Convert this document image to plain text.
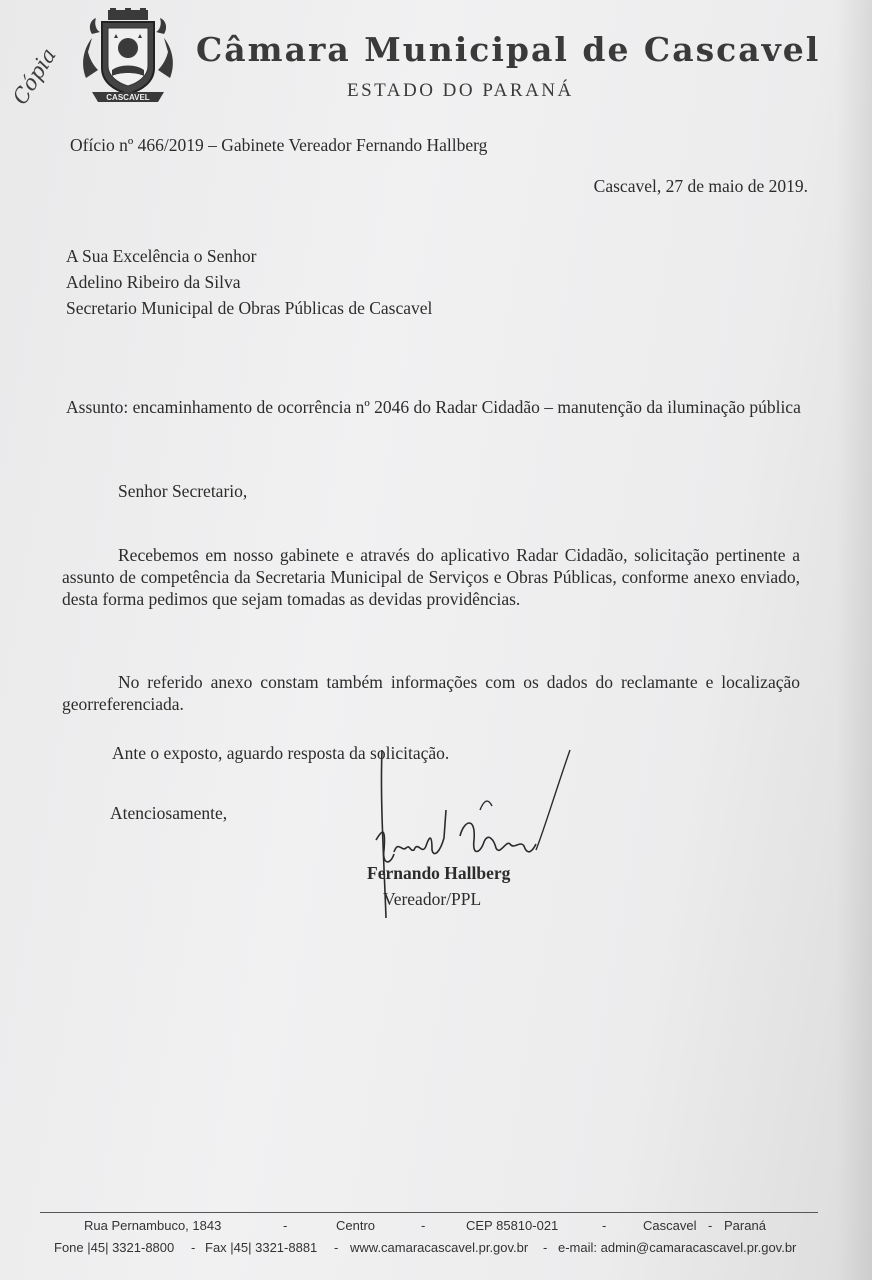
CASCAVEL
Câmara Municipal de Cascavel
ESTADO DO PARANÁ
Cópia
Ofício nº 466/2019 – Gabinete Vereador Fernando Hallberg
Cascavel, 27 de maio de 2019.
A Sua Excelência o Senhor
Adelino Ribeiro da Silva
Secretario Municipal de Obras Públicas de Cascavel
Assunto: encaminhamento de ocorrência nº 2046 do Radar Cidadão – manutenção da iluminação pública
Senhor Secretario,
Recebemos em nosso gabinete e através do aplicativo Radar Cidadão, solicitação pertinente a assunto de competência da Secretaria Municipal de Serviços e Obras Públicas, conforme anexo enviado, desta forma pedimos que sejam tomadas as devidas providências.
No referido anexo constam também informações com os dados do reclamante e localização georreferenciada.
Ante o exposto, aguardo resposta da solicitação.
Atenciosamente,
Fernando Hallberg
Vereador/PPL
Rua Pernambuco, 1843	-	Centro	-	CEP 85810-021	-	Cascavel - Paraná
Fone |45| 3321-8800 - Fax |45| 3321-8881 - www.camaracascavel.pr.gov.br - e-mail: admin@camaracascavel.pr.gov.br
